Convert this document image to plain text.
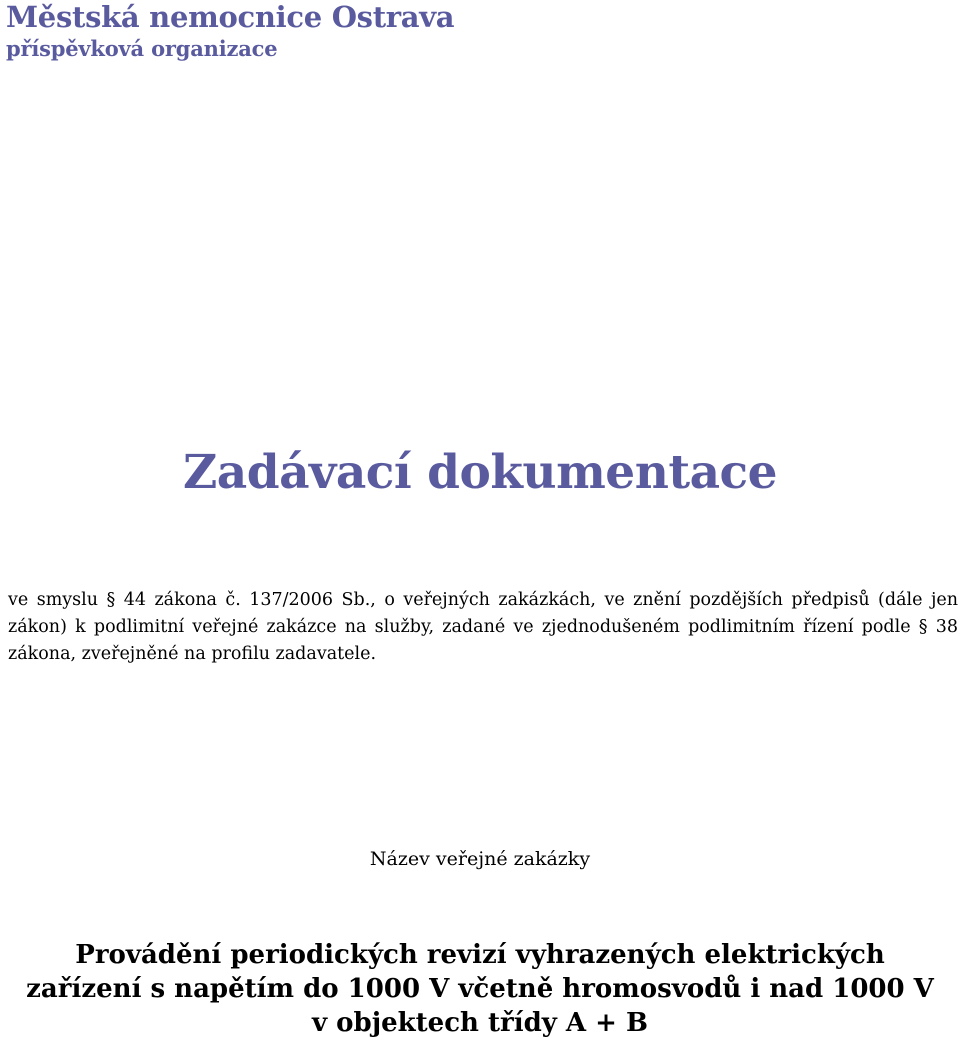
Městská nemocnice Ostrava
příspěvková organizace
Zadávací dokumentace

ve smyslu § 44 zákona č. 137/2006 Sb., o veřejných zakázkách, ve znění pozdějších předpisů (dále jen zákon) k podlimitní veřejné zakázce na služby, zadané ve zjednodušeném podlimitním řízení podle § 38 zákona, zveřejněné na profilu zadavatele.

Název veřejné zakázky

Provádění periodických revizí vyhrazených elektrických zařízení s napětím do 1000 V včetně hromosvodů i nad 1000 V v objektech třídy A + B
